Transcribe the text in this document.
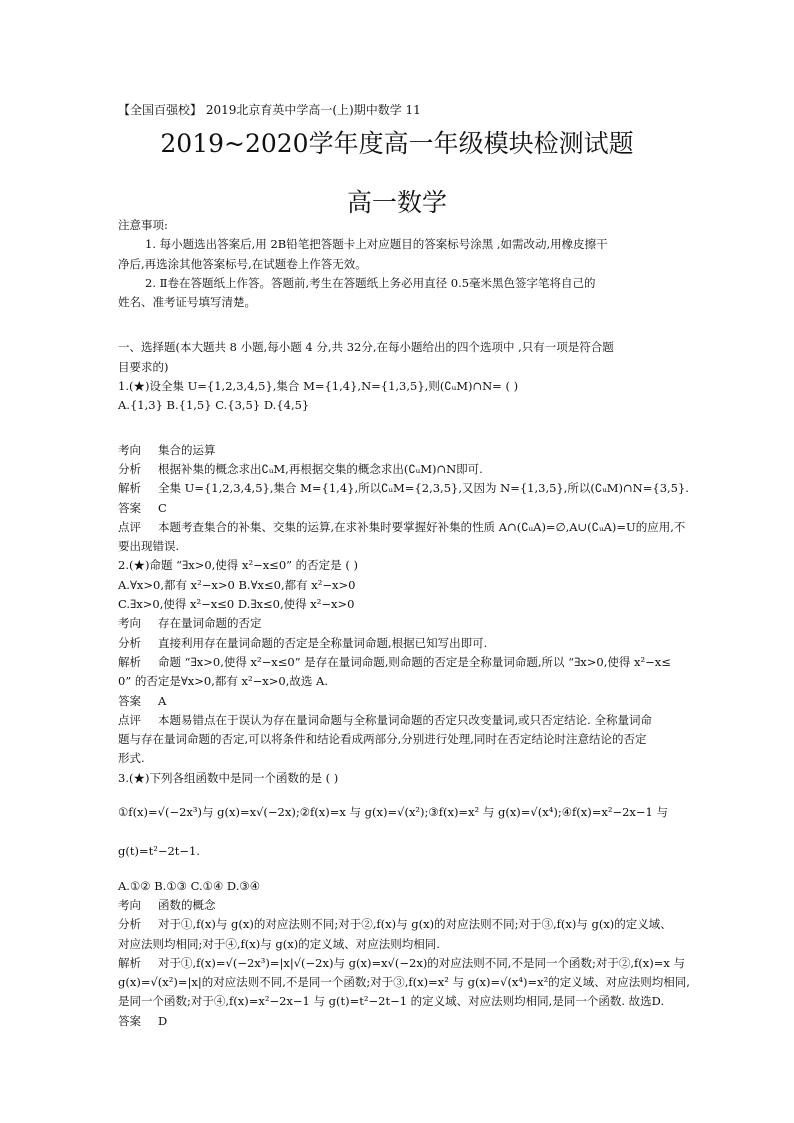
【全国百强校】 2019北京育英中学高一(上)期中数学 11
2019~2020学年度高一年级模块检测试题
高一数学

注意事项:

1. 每小题选出答案后,用 2B铅笔把答题卡上对应题目的答案标号涂黑 ,如需改动,用橡皮擦干

净后,再选涂其他答案标号,在试题卷上作答无效。

2. Ⅱ卷在答题纸上作答。答题前,考生在答题纸上务必用直径 0.5毫米黑色签字笔将自己的

姓名、准考证号填写清楚。

一、选择题(本大题共 8 小题,每小题 4 分,共 32分,在每小题给出的四个选项中 ,只有一项是符合题

目要求的)

1.(★)设全集 U={1,2,3,4,5},集合 M={1,4},N={1,3,5},则(∁ᵤM)∩N= ( )

A.{1,3} B.{1,5} C.{3,5} D.{4,5}

考向 集合的运算

分析 根据补集的概念求出∁ᵤM,再根据交集的概念求出(∁ᵤM)∩N即可.

解析 全集 U={1,2,3,4,5},集合 M={1,4},所以∁ᵤM={2,3,5},又因为 N={1,3,5},所以(∁ᵤM)∩N={3,5}.

答案 C

点评 本题考查集合的补集、交集的运算,在求补集时要掌握好补集的性质 A∩(∁ᵤA)=∅,A∪(∁ᵤA)=U的应用,不

要出现错误.

2.(★)命题 “∃x>0,使得 x²−x≤0” 的否定是 ( )

A.∀x>0,都有 x²−x>0 B.∀x≤0,都有 x²−x>0

C.∃x>0,使得 x²−x≤0 D.∃x≤0,使得 x²−x>0

考向 存在量词命题的否定

分析 直接利用存在量词命题的否定是全称量词命题,根据已知写出即可.

解析 命题 “∃x>0,使得 x²−x≤0” 是存在量词命题,则命题的否定是全称量词命题,所以 “∃x>0,使得 x²−x≤

0” 的否定是∀x>0,都有 x²−x>0,故选 A.

答案 A

点评 本题易错点在于误认为存在量词命题与全称量词命题的否定只改变量词,或只否定结论. 全称量词命

题与存在量词命题的否定,可以将条件和结论看成两部分,分别进行处理,同时在否定结论时注意结论的否定

形式.

3.(★)下列各组函数中是同一个函数的是 ( )

①f(x)=√(−2x³)与 g(x)=x√(−2x);②f(x)=x 与 g(x)=√(x²);③f(x)=x² 与 g(x)=√(x⁴);④f(x)=x²−2x−1 与

g(t)=t²−2t−1.

A.①② B.①③ C.①④ D.③④

考向 函数的概念

分析 对于①,f(x)与 g(x)的对应法则不同;对于②,f(x)与 g(x)的对应法则不同;对于③,f(x)与 g(x)的定义域、

对应法则均相同;对于④,f(x)与 g(x)的定义域、对应法则均相同.

解析 对于①,f(x)=√(−2x³)=|x|√(−2x)与 g(x)=x√(−2x)的对应法则不同,不是同一个函数;对于②,f(x)=x 与

g(x)=√(x²)=|x|的对应法则不同,不是同一个函数;对于③,f(x)=x² 与 g(x)=√(x⁴)=x²的定义域、对应法则均相同,

是同一个函数;对于④,f(x)=x²−2x−1 与 g(t)=t²−2t−1 的定义域、对应法则均相同,是同一个函数. 故选D.

答案 D
